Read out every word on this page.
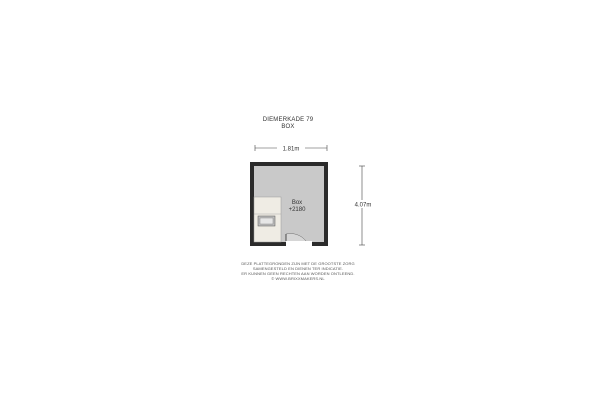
DIEMERKADE 79
BOX
1.81m
4.07m
Box
+2180
DEZE PLATTEGRONDEN ZIJN MET DE GROOTSTE ZORG
SAMENGESTELD EN DIENEN TER INDICATIE.
ER KUNNEN GEEN RECHTEN AAN WORDEN ONTLEEND.
© WWW.BRIXXMAKERS.NL
